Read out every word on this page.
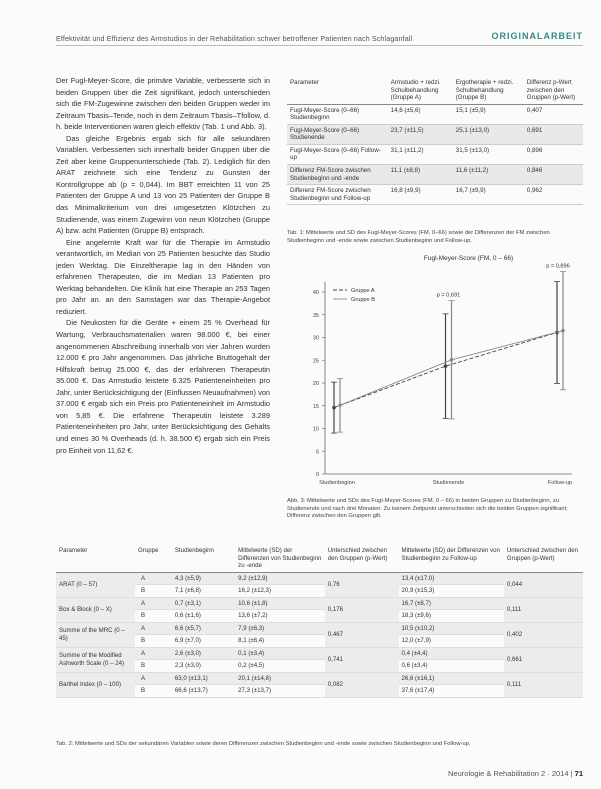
Effektivität und Effizienz des Armstudios in der Rehabilitation schwer betroffener Patienten nach Schlaganfall	ORIGINALARBEIT

Der Fugl-Meyer-Score, die primäre Variable, verbesserte sich in beiden Gruppen über die Zeit signifikant, jedoch unterschieden sich die FM-Zugewinne zwischen den beiden Gruppen weder im Zeitraum Tbasis–Tende, noch in dem Zeitraum Tbasis–Tfollow, d. h. beide Interventionen waren gleich effektiv (Tab. 1 und Abb. 3).

Das gleiche Ergebnis ergab sich für alle sekundären Variablen. Verbesserten sich innerhalb beider Gruppen über die Zeit aber keine Gruppenunterschiede (Tab. 2). Lediglich für den ARAT zeichnete sich eine Tendenz zu Gunsten der Kontrollgruppe ab (p = 0,044). Im BBT erreichten 11 von 25 Patienten der Gruppe A und 13 von 25 Patienten der Gruppe B das Minimalkriterium von drei umgesetzten Klötzchen zu Studienende, was einem Zugewinn von neun Klötzchen (Gruppe A) bzw. acht Patienten (Gruppe B) entsprach.

Eine angelernte Kraft war für die Therapie im Armstudio verantwortlich, im Median von 25 Patienten besuchte das Studio jeden Werktag. Die Einzeltherapie lag in den Händen von erfahrenen Therapeuten, die im Median 13 Patienten pro Werktag behandelten. Die Klinik hat eine Therapie an 253 Tagen pro Jahr an. an den Samstagen war das Therapie-Angebot reduziert.

Die Neukosten für die Geräte + einem 25 % Overhead für Wartung, Verbrauchsmaterialien waren 98.000 €, bei einer angenommenen Abschreibung innerhalb von vier Jahren wurden 12.000 € pro Jahr angenommen. Das jährliche Bruttogehalt der Hilfskraft betrug 25.000 €, das der erfahrenen Therapeutin 35.000 €. Das Armstudio leistete 6.325 Patienteneinheiten pro Jahr, unter Berücksichtigung der (Einflussen Neuaufnahmen) von 37.000 € ergab sich ein Preis pro Patienteneinheit im Armstudio von 5,85 €. Die erfahrene Therapeutin leistete 3.289 Patienteneinheiten pro Jahr, unter Berücksichtigung des Gehalts und eines 30 % Overheads (d. h. 38.500 €) ergab sich ein Preis pro Einheit von 11,62 €.

Parameter	Armstudio + redzi. Schulbehandlung (Gruppe A)	Ergotherapie + redzi. Schulbehandlung (Gruppe B)	Differenz p-Wert zwischen den Gruppen (p-Wert)
Fugl-Meyer-Score (0–66) Studienbeginn	14,6 (±5,6)	15,1 (±5,9)	0,407
Fugl-Meyer-Score (0–66) Studienende	23,7 (±11,5)	25,1 (±13,0)	0,691
Fugl-Meyer-Score (0–66) Follow-up	31,1 (±11,2)	31,5 (±13,0)	0,896
Differenz FM-Score zwischen Studienbeginn und -ende	11,1 (±8,8)	11,6 (±11,2)	0,846
Differenz FM-Score zwischen Studienbeginn und Follow-up	16,8 (±9,9)	16,7 (±9,9)	0,962
Tab. 1: Mittelwerte und SD des Fugl-Meyer-Scores (FM, 0–66) sowie der Differenzen der FM zwischen Studienbeginn und -ende sowie zwischen Studienbeginn und Follow-up.
Fugl-Meyer-Score (FM, 0 – 66)
0
5
10
15
20
25
30
35
40
Studienbeginn	Studienende	Follow-up
Gruppe A
Gruppe B
p = 0,691
p = 0,896
Abb. 3: Mittelwerte und SDs des Fugl-Meyer-Scores (FM, 0 – 66) in beiden Gruppen zu Studienbeginn, zu Studienende und nach drei Monaten. Zu keinem Zeitpunkt unterschieden sich die beiden Gruppen signifikant; Differenz zwischen den Gruppen gilt.
Parameter	Gruppe	Studienbeginn	Mittelwerte (SD) der Differenzen von Studienbeginn zu -ende	Unterschied zwischen den Gruppen (p-Wert)	Mittelwerte (SD) der Differenzen von Studienbeginn zu Follow-up	Unterschied zwischen den Gruppen (p-Wert)
ARAT (0 – 57)	A	4,3 (±5,9)	9,2 (±12,9)	0,76	13,4 (±17,0)	0,044
	B	7,1 (±6,8)	16,2 (±12,3)		20,9 (±15,3)	
Box & Block (0 – X)	A	0,7 (±3,1)	10,6 (±1,8)	0,176	16,7 (±8,7)	0,111
	B	0,6 (±1,6)	13,6 (±7,2)		18,3 (±9,6)	
Summe of the MRC (0 – 45)	A	6,6 (±5,7)	7,9 (±6,3)	0,467	10,5 (±10,2)	0,402
	B	6,9 (±7,0)	8,1 (±6,4)		12,0 (±7,9)	
Summe of the Modified Ashworth Scale (0 – 24)	A	2,6 (±3,0)	0,1 (±3,4)	0,741	0,4 (±4,4)	0,661
	B	2,3 (±3,0)	0,2 (±4,5)		0,6 (±3,4)	
Barthel Index (0 – 100)	A	63,0 (±13,1)	20,1 (±14,8)	0,082	26,6 (±16,1)	0,111
	B	66,6 (±13,7)	27,3 (±13,7)		37,6 (±17,4)	
Tab. 2: Mittelwerte und SDs der sekundären Variablen sowie deren Differenzen zwischen Studienbeginn und -ende sowie zwischen Studienbeginn und Follow-up.
Neurologie & Rehabilitation 2 · 2014 | 71
